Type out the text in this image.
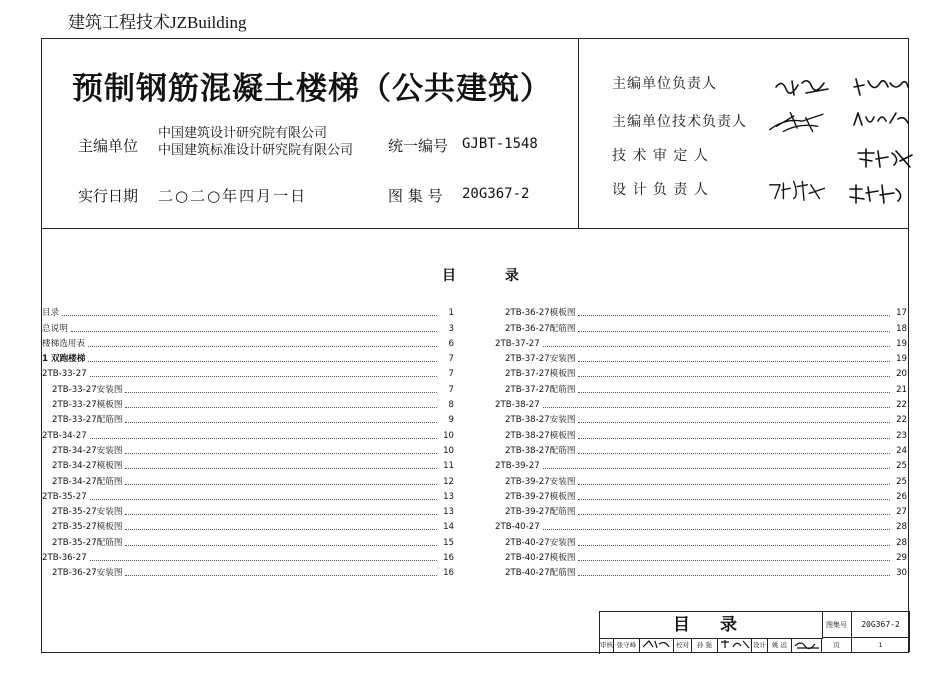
建筑工程技术JZBuilding
预制钢筋混凝土楼梯（公共建筑）
主编单位
中国建筑设计研究院有限公司
中国建筑标准设计研究院有限公司 统一编号 GJBT-1548
实行日期 二○二○年四月一日	图 集 号 20G367-2
主编单位负责人
主编单位技术负责人
技 术 审 定 人
设 计 负 责 人
目	录
目录	1
总说明	3
楼梯选用表	6
1 双跑楼梯	7
2TB-33-27	7
2TB-33-27安装图	7
2TB-33-27模板图	8
2TB-33-27配筋图	9
2TB-34-27	10
2TB-34-27安装图	10
2TB-34-27模板图	11
2TB-34-27配筋图	12
2TB-35-27	13
2TB-35-27安装图	13
2TB-35-27模板图	14
2TB-35-27配筋图	15
2TB-36-27	16
2TB-36-27安装图	16
2TB-36-27模板图	17
2TB-36-27配筋图	18
2TB-37-27	19
2TB-37-27安装图	19
2TB-37-27模板图	20
2TB-37-27配筋图	21
2TB-38-27	22
2TB-38-27安装图	22
2TB-38-27模板图	23
2TB-38-27配筋图	24
2TB-39-27	25
2TB-39-27安装图	25
2TB-39-27模板图	26
2TB-39-27配筋图	27
2TB-40-27	28
2TB-40-27安装图	28
2TB-40-27模板图	29
2TB-40-27配筋图	30
目 录	图集号	20G367-2
审核 张守峰	校对	孙 强	设计 姚 远	页	1
